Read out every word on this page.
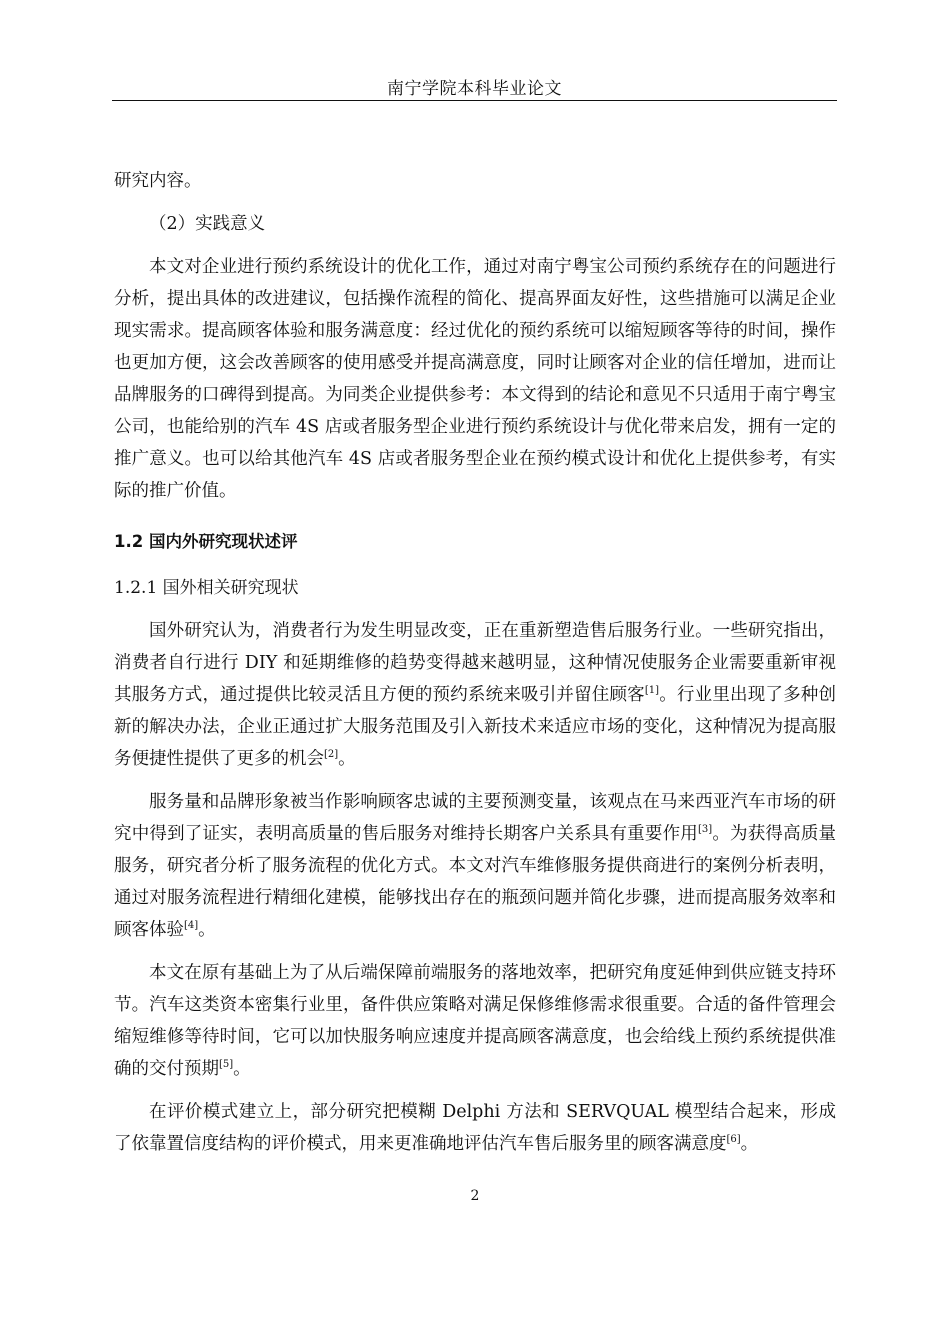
南宁学院本科毕业论文

研究内容。

（2）实践意义

本文对企业进行预约系统设计的优化工作，通过对南宁粤宝公司预约系统存在的问题进行分析，提出具体的改进建议，包括操作流程的简化、提高界面友好性，这些措施可以满足企业现实需求。提高顾客体验和服务满意度：经过优化的预约系统可以缩短顾客等待的时间，操作也更加方便，这会改善顾客的使用感受并提高满意度，同时让顾客对企业的信任增加，进而让品牌服务的口碑得到提高。为同类企业提供参考：本文得到的结论和意见不只适用于南宁粤宝公司，也能给别的汽车 4S 店或者服务型企业进行预约系统设计与优化带来启发，拥有一定的推广意义。也可以给其他汽车 4S 店或者服务型企业在预约模式设计和优化上提供参考，有实际的推广价值。

1.2 国内外研究现状述评
1.2.1 国外相关研究现状

国外研究认为，消费者行为发生明显改变，正在重新塑造售后服务行业。一些研究指出，消费者自行进行 DIY 和延期维修的趋势变得越来越明显，这种情况使服务企业需要重新审视其服务方式，通过提供比较灵活且方便的预约系统来吸引并留住顾客[1]。行业里出现了多种创新的解决办法，企业正通过扩大服务范围及引入新技术来适应市场的变化，这种情况为提高服务便捷性提供了更多的机会[2]。

服务量和品牌形象被当作影响顾客忠诚的主要预测变量，该观点在马来西亚汽车市场的研究中得到了证实，表明高质量的售后服务对维持长期客户关系具有重要作用[3]。为获得高质量服务，研究者分析了服务流程的优化方式。本文对汽车维修服务提供商进行的案例分析表明，通过对服务流程进行精细化建模，能够找出存在的瓶颈问题并简化步骤，进而提高服务效率和顾客体验[4]。

本文在原有基础上为了从后端保障前端服务的落地效率，把研究角度延伸到供应链支持环节。汽车这类资本密集行业里，备件供应策略对满足保修维修需求很重要。合适的备件管理会缩短维修等待时间，它可以加快服务响应速度并提高顾客满意度，也会给线上预约系统提供准确的交付预期[5]。

在评价模式建立上，部分研究把模糊 Delphi 方法和 SERVQUAL 模型结合起来，形成了依靠置信度结构的评价模式，用来更准确地评估汽车售后服务里的顾客满意度[6]。

2
